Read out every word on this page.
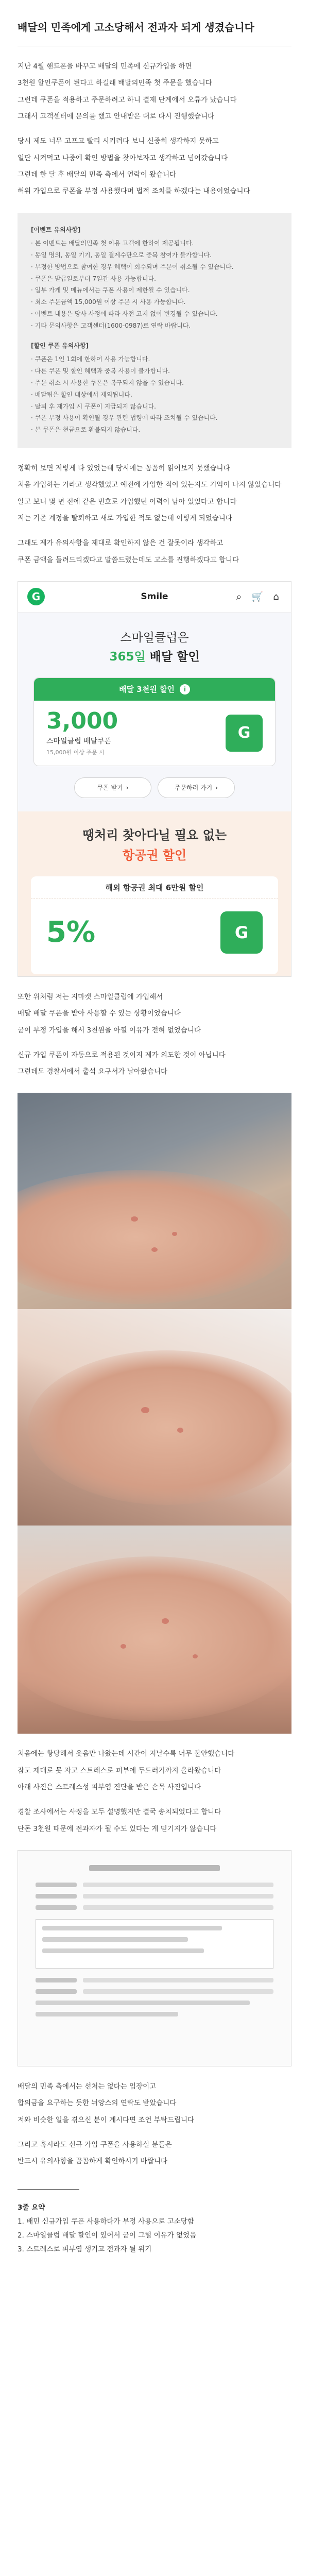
배달의 민족에게 고소당해서 전과자 되게 생겼습니다

지난 4월 핸드폰을 바꾸고 배달의 민족에 신규가입을 하면

3천원 할인쿠폰이 된다고 하길래 배달의민족 첫 주문을 했습니다

그런데 쿠폰을 적용하고 주문하려고 하니 결제 단계에서 오류가 났습니다

그래서 고객센터에 문의를 했고 안내받은 대로 다시 진행했습니다

당시 제도 너무 고프고 빨리 시키려다 보니 신중히 생각하지 못하고

일단 시켜먹고 나중에 확인 방법을 찾아보자고 생각하고 넘어갔습니다

그런데 한 달 후 배달의 민족 측에서 연락이 왔습니다

허위 가입으로 쿠폰을 부정 사용했다며 법적 조치를 하겠다는 내용이었습니다

[이벤트 유의사항]

· 본 이벤트는 배달의민족 첫 이용 고객에 한하여 제공됩니다.

· 동일 명의, 동일 기기, 동일 결제수단으로 중복 참여가 불가합니다.

· 부정한 방법으로 참여한 경우 혜택이 회수되며 주문이 취소될 수 있습니다.

· 쿠폰은 발급일로부터 7일간 사용 가능합니다.

· 일부 가게 및 메뉴에서는 쿠폰 사용이 제한될 수 있습니다.

· 최소 주문금액 15,000원 이상 주문 시 사용 가능합니다.

· 이벤트 내용은 당사 사정에 따라 사전 고지 없이 변경될 수 있습니다.

· 기타 문의사항은 고객센터(1600-0987)로 연락 바랍니다.

[할인 쿠폰 유의사항]

· 쿠폰은 1인 1회에 한하여 사용 가능합니다.

· 다른 쿠폰 및 할인 혜택과 중복 사용이 불가합니다.

· 주문 취소 시 사용한 쿠폰은 복구되지 않을 수 있습니다.

· 배달팁은 할인 대상에서 제외됩니다.

· 탈퇴 후 재가입 시 쿠폰이 지급되지 않습니다.

· 쿠폰 부정 사용이 확인될 경우 관련 법령에 따라 조치될 수 있습니다.

· 본 쿠폰은 현금으로 환불되지 않습니다.

정확히 보면 저렇게 다 있었는데 당시에는 꼼꼼히 읽어보지 못했습니다

처음 가입하는 거라고 생각했었고 예전에 가입한 적이 있는지도 기억이 나지 않았습니다

알고 보니 몇 년 전에 같은 번호로 가입했던 이력이 남아 있었다고 합니다

저는 기존 계정을 탈퇴하고 새로 가입한 적도 없는데 이렇게 되었습니다

그래도 제가 유의사항을 제대로 확인하지 않은 건 잘못이라 생각하고

쿠폰 금액을 돌려드리겠다고 말씀드렸는데도 고소를 진행하겠다고 합니다

G	Smile	⌕	🛒 ⌂
스마일클럽은
365일 배달 할인
배달 3천원 할인	i
3,000
스마일클럽 배달쿠폰
15,000원 이상 주문 시
G
쿠폰 받기 ›	주문하러 가기 ›
땡처리 찾아다닐 필요 없는
항공권 할인
해외 항공권 최대 6만원 할인
5%	G

또한 위처럼 저는 지마켓 스마일클럽에 가입해서

매달 배달 쿠폰을 받아 사용할 수 있는 상황이었습니다

굳이 부정 가입을 해서 3천원을 아낄 이유가 전혀 없었습니다

신규 가입 쿠폰이 자동으로 적용된 것이지 제가 의도한 것이 아닙니다

그런데도 경찰서에서 출석 요구서가 날아왔습니다

처음에는 황당해서 웃음만 나왔는데 시간이 지날수록 너무 불안했습니다

잠도 제대로 못 자고 스트레스로 피부에 두드러기까지 올라왔습니다

아래 사진은 스트레스성 피부염 진단을 받은 손목 사진입니다

경찰 조사에서는 사정을 모두 설명했지만 결국 송치되었다고 합니다

단돈 3천원 때문에 전과자가 될 수도 있다는 게 믿기지가 않습니다

배달의 민족 측에서는 선처는 없다는 입장이고

합의금을 요구하는 듯한 뉘앙스의 연락도 받았습니다

저와 비슷한 일을 겪으신 분이 계시다면 조언 부탁드립니다

그리고 혹시라도 신규 가입 쿠폰을 사용하실 분들은

반드시 유의사항을 꼼꼼하게 확인하시기 바랍니다

3줄 요약

1. 배민 신규가입 쿠폰 사용하다가 부정 사용으로 고소당함

2. 스마일클럽 배달 할인이 있어서 굳이 그럴 이유가 없었음

3. 스트레스로 피부염 생기고 전과자 될 위기
